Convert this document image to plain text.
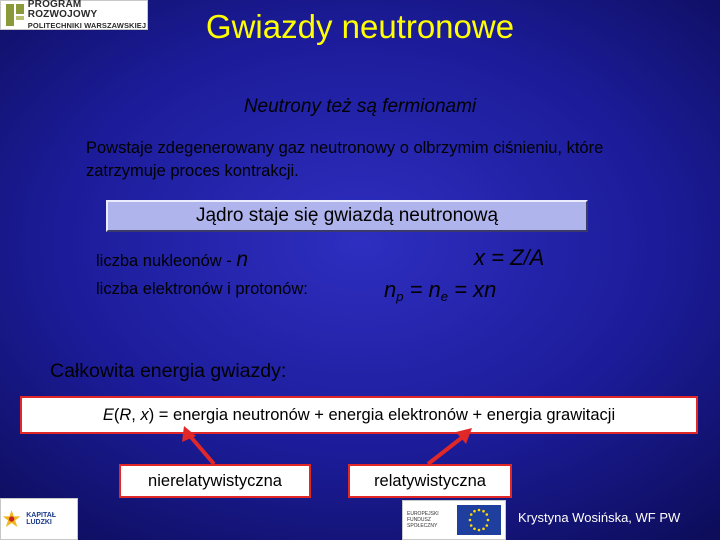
PROGRAM ROZWOJOWY
POLITECHNIKI WARSZAWSKIEJ	Gwiazdy neutronowe
Neutrony też są fermionami
Powstaje zdegenerowany gaz neutronowy o olbrzymim ciśnieniu, które zatrzymuje proces kontrakcji.
Jądro staje się gwiazdą neutronową
liczba nukleonów - n	x = Z/A
liczba elektronów i protonów:	$n_p = n_e$ = xn
Całkowita energia gwiazdy:
E(R, x) = energia neutronów + energia elektronów + energia grawitacji
nierelatywistyczna	relatywistyczna
KAPITAŁ LUDZKI
EUROPEJSKI
FUNDUSZ SPOŁECZNY
Krystyna Wosińska, WF PW
